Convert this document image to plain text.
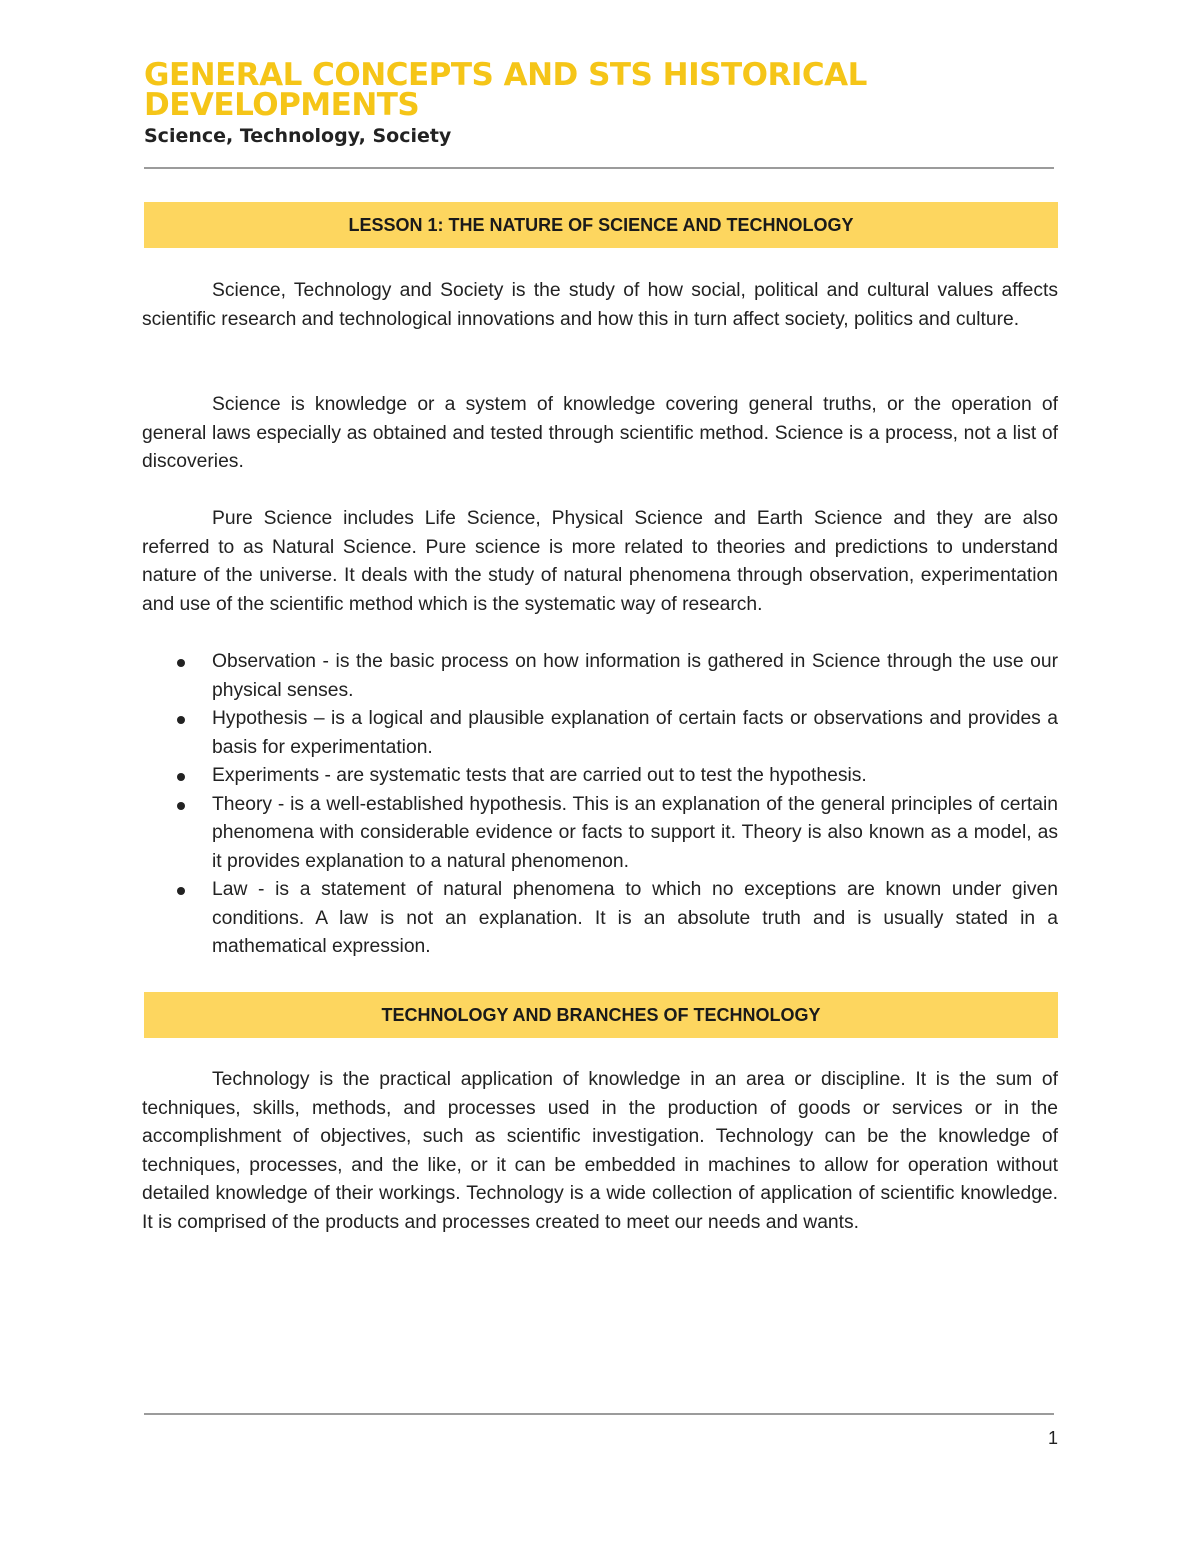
GENERAL CONCEPTS AND STS HISTORICAL DEVELOPMENTS
Science, Technology, Society
LESSON 1: THE NATURE OF SCIENCE AND TECHNOLOGY

Science, Technology and Society is the study of how social, political and cultural values affects scientific research and technological innovations and how this in turn affect society, politics and culture.

Science is knowledge or a system of knowledge covering general truths, or the operation of general laws especially as obtained and tested through scientific method. Science is a process, not a list of discoveries.

Pure Science includes Life Science, Physical Science and Earth Science and they are also referred to as Natural Science. Pure science is more related to theories and predictions to understand nature of the universe. It deals with the study of natural phenomena through observation, experimentation and use of the scientific method which is the systematic way of research.

Observation - is the basic process on how information is gathered in Science through the use our physical senses.
Hypothesis – is a logical and plausible explanation of certain facts or observations and provides a basis for experimentation.
Experiments - are systematic tests that are carried out to test the hypothesis.
Theory - is a well-established hypothesis. This is an explanation of the general principles of certain phenomena with considerable evidence or facts to support it. Theory is also known as a model, as it provides explanation to a natural phenomenon.
Law - is a statement of natural phenomena to which no exceptions are known under given conditions. A law is not an explanation. It is an absolute truth and is usually stated in a mathematical expression.
TECHNOLOGY AND BRANCHES OF TECHNOLOGY

Technology is the practical application of knowledge in an area or discipline. It is the sum of techniques, skills, methods, and processes used in the production of goods or services or in the accomplishment of objectives, such as scientific investigation. Technology can be the knowledge of techniques, processes, and the like, or it can be embedded in machines to allow for operation without detailed knowledge of their workings. Technology is a wide collection of application of scientific knowledge. It is comprised of the products and processes created to meet our needs and wants.

1
